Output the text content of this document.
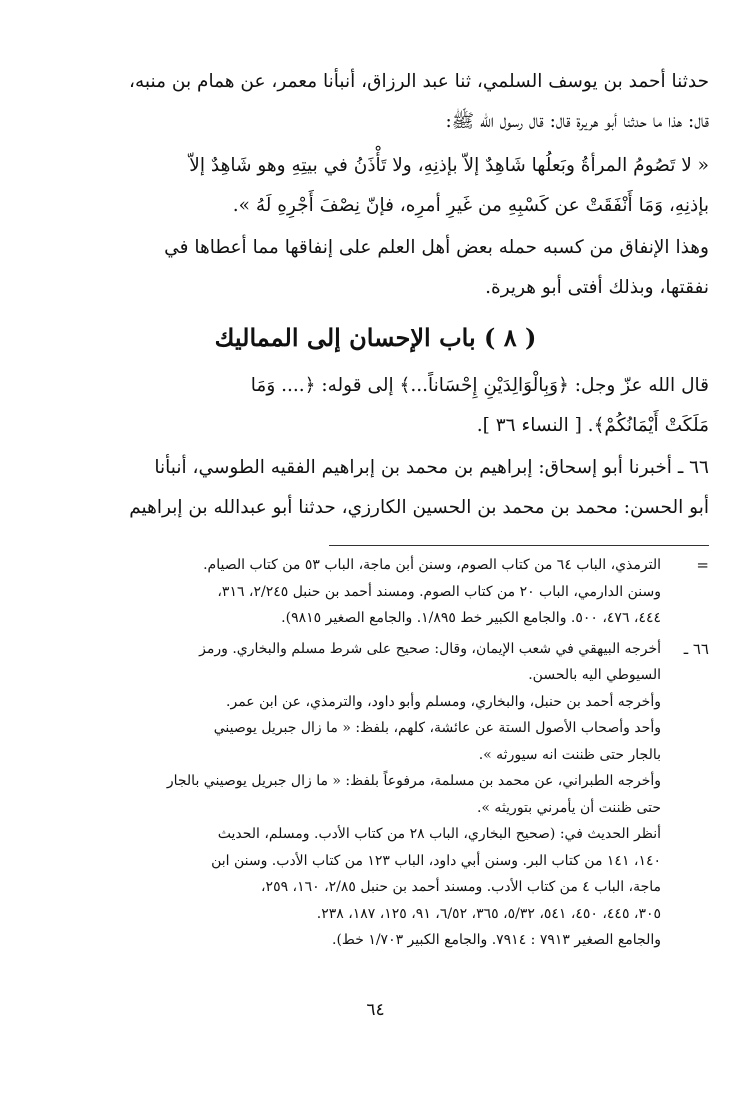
حدثنا أحمد بن يوسف السلمي، ثنا عبد الرزاق، أنبأنا معمر، عن همام بن منبه،
قال: هذا ما حدثنا أبو هريرة قال: قال رسول الله ﷺ:

« لا تَصُومُ المرأةُ وبَعلُها شَاهِدٌ إلاّ بإذنِهِ، ولا تَأْذَنُ في بيتِهِ وهو شَاهِدٌ إلاّ
بإذنِهِ، وَمَا أَنْفَقَتْ عن كَسْبِهِ من غَيرِ أمرِه، فإنّ نِصْفَ أَجْرِهِ لَهُ ».

وهذا الإنفاق من كسبه حمله بعض أهل العلم على إنفاقها مما أعطاها في
نفقتها، وبذلك أفتى أبو هريرة.

( ٨ ) باب الإحسان إلى المماليك

قال الله عزّ وجل: ﴿وَبِالْوَالِدَيْنِ إِحْسَاناً...﴾ إلى قوله: ﴿.... وَمَا
مَلَكَتْ أَيْمَانُكُمْ﴾. [ النساء ٣٦ ].

٦٦ ـ أخبرنا أبو إسحاق: إبراهيم بن محمد بن إبراهيم الفقيه الطوسي، أنبأنا
أبو الحسن: محمد بن محمد بن الحسين الكارزي، حدثنا أبو عبدالله بن إبراهيم

=
الترمذي، الباب ٦٤ من كتاب الصوم، وسنن أبن ماجة، الباب ٥٣ من كتاب الصيام.
وسنن الدارمي، الباب ٢٠ من كتاب الصوم. ومسند أحمد بن حنبل ٢/٢٤٥، ٣١٦،
٤٤٤، ٤٧٦، ٥٠٠. والجامع الكبير خط ١/٨٩٥. والجامع الصغير ٩٨١٥).
٦٦ ـ
أخرجه البيهقي في شعب الإيمان، وقال: صحيح على شرط مسلم والبخاري. ورمز
السيوطي اليه بالحسن.
وأخرجه أحمد بن حنبل، والبخاري، ومسلم وأبو داود، والترمذي، عن ابن عمر.
وأحد وأصحاب الأصول الستة عن عائشة، كلهم، بلفظ: « ما زال جبريل يوصيني
بالجار حتى ظننت انه سيورثه ».
وأخرجه الطبراني، عن محمد بن مسلمة، مرفوعاً بلفظ: « ما زال جبريل يوصيني بالجار
حتى ظننت أن يأمرني بتوريثه ».
أنظر الحديث في: (صحيح البخاري، الباب ٢٨ من كتاب الأدب. ومسلم، الحديث
١٤٠، ١٤١ من كتاب البر. وسنن أبي داود، الباب ١٢٣ من كتاب الأدب. وسنن ابن
ماجة، الباب ٤ من كتاب الأدب. ومسند أحمد بن حنبل ٢/٨٥، ١٦٠، ٢٥٩،
٣٠٥، ٤٤٥، ٤٥٠، ٥٤١، ٥/٣٢، ٣٦٥، ٦/٥٢، ٩١، ١٢٥، ١٨٧، ٢٣٨.
والجامع الصغير ٧٩١٣ : ٧٩١٤. والجامع الكبير ١/٧٠٣ خط).
٦٤
